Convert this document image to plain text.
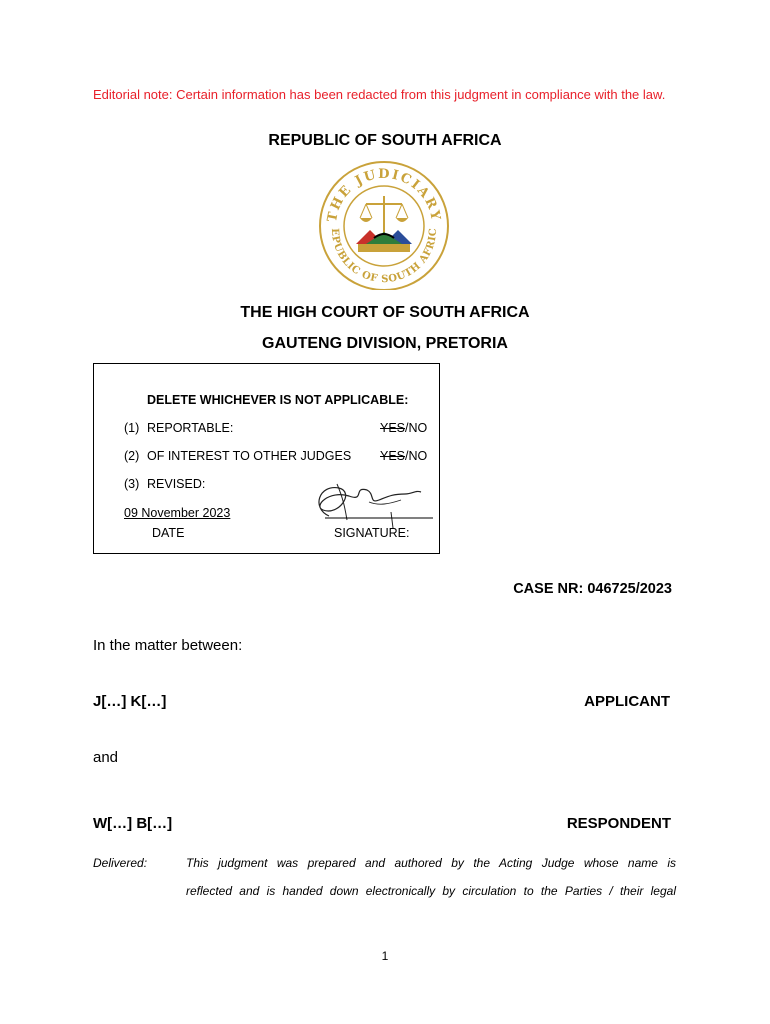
Editorial note: Certain information has been redacted from this judgment in compliance with the law.
REPUBLIC OF SOUTH AFRICA
THE JUDICIARY
EPUBLIC OF SOUTH AFRIC
THE HIGH COURT OF SOUTH AFRICA
GAUTENG DIVISION, PRETORIA
DELETE WHICHEVER IS NOT APPLICABLE:
(1) REPORTABLE:	YES/NO
(2) OF INTEREST TO OTHER JUDGES YES/NO
(3) REVISED:
09 November 2023
DATE	SIGNATURE:
CASE NR: 046725/2023
In the matter between:
J[…] K[…]	APPLICANT
and
W[…] B[…]	RESPONDENT
Delivered:	This judgment was prepared and authored by the Acting Judge whose name is
reflected and is handed down electronically by circulation to the Parties / their legal
1
